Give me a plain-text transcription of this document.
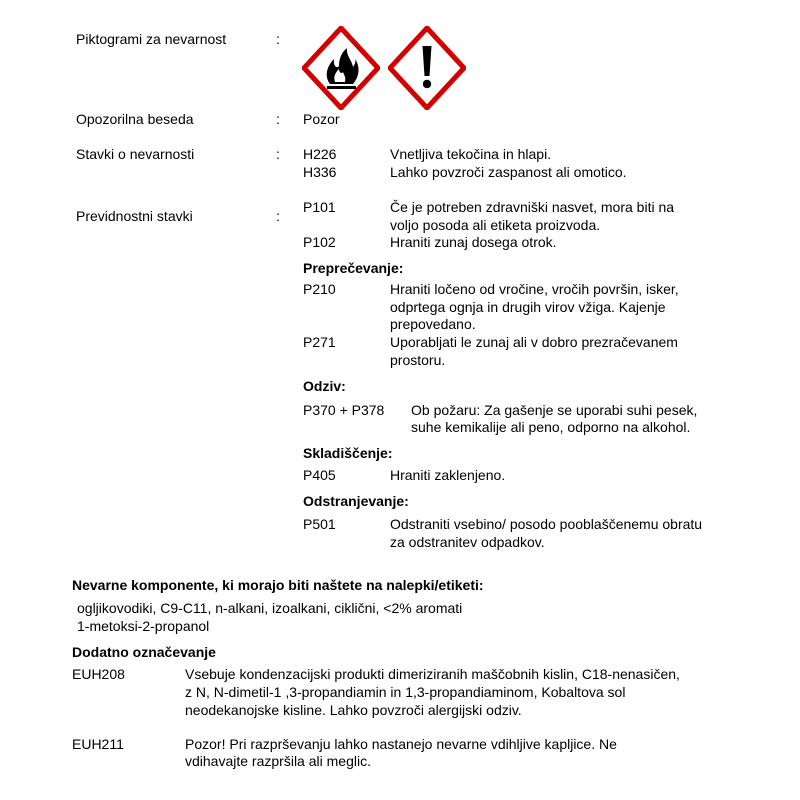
Piktogrami za nevarnost	:
Opozorilna beseda	: Pozor
Stavki o nevarnosti	: H226	Vnetljiva tekočina in hlapi.
H336	Lahko povzroči zaspanost ali omotico.
Previdnostni stavki	:
P101	Če je potreben zdravniški nasvet, mora biti na
voljo posoda ali etiketa proizvoda.
P102	Hraniti zunaj dosega otrok.
Preprečevanje:
P210	Hraniti ločeno od vročine, vročih površin, isker,
odprtega ognja in drugih virov vžiga. Kajenje
prepovedano.
P271	Uporabljati le zunaj ali v dobro prezračevanem
prostoru.
Odziv:
P370 + P378 Ob požaru: Za gašenje se uporabi suhi pesek,
suhe kemikalije ali peno, odporno na alkohol.
Skladiščenje:
P405	Hraniti zaklenjeno.
Odstranjevanje:
P501	Odstraniti vsebino/ posodo pooblaščenemu obratu
za odstranitev odpadkov.
Nevarne komponente, ki morajo biti naštete na nalepki/etiketi:
ogljikovodiki, C9-C11, n-alkani, izoalkani, ciklični, <2% aromati
1-metoksi-2-propanol
Dodatno označevanje
EUH208	Vsebuje kondenzacijski produkti dimeriziranih maščobnih kislin, C18-nenasičen,
z N, N-dimetil-1 ,3-propandiamin in 1,3-propandiaminom, Kobaltova sol
neodekanojske kisline. Lahko povzroči alergijski odziv.
EUH211	Pozor! Pri razprševanju lahko nastanejo nevarne vdihljive kapljice. Ne
vdihavajte razpršila ali meglic.
